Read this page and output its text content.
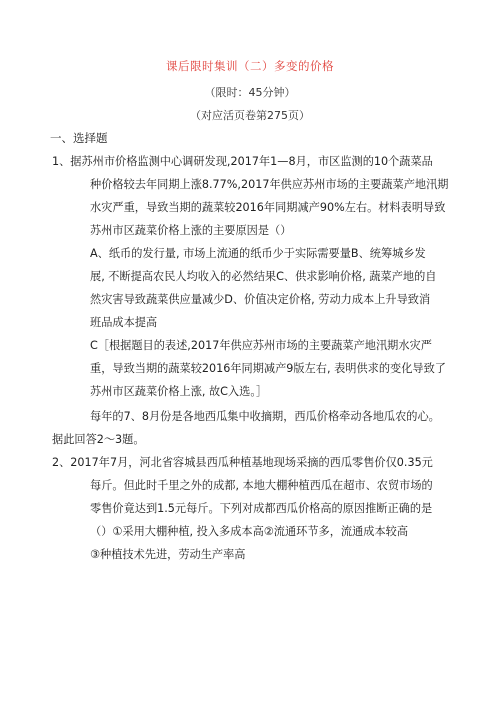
课后限时集训（二）多变的价格
（限时：45分钟）
（对应活页卷第275页）
一、选择题
1、据苏州市价格监测中心调研发现,2017年1—8月，市区监测的10个蔬菜品
种价格较去年同期上涨8.77%,2017年供应苏州市场的主要蔬菜产地汛期
水灾严重，导致当期的蔬菜较2016年同期减产90%左右。材料表明导致
苏州市区蔬菜价格上涨的主要原因是（）
A、纸币的发行量, 市场上流通的纸币少于实际需要量B、统筹城乡发
展, 不断提高农民人均收入的必然结果C、供求影响价格, 蔬菜产地的自
然灾害导致蔬菜供应量减少D、价值决定价格, 劳动力成本上升导致消
班品成本提高
C［根据题目的表述,2017年供应苏州市场的主要蔬菜产地汛期水灾严
重，导致当期的蔬菜较2016年同期减产9版左右, 表明供求的变化导致了
苏州市区蔬菜价格上涨, 故C入选。］
每年的7、8月份是各地西瓜集中收摘期，西瓜价格牵动各地瓜农的心。
据此回答2〜3题。
2、2017年7月，河北省容城县西瓜种植基地现场采摘的西瓜零售价仅0.35元
每斤。但此时千里之外的成都, 本地大棚种植西瓜在超市、农贸市场的
零售价竟达到1.5元每斤。下列对成都西瓜价格高的原因推断正确的是
（）①采用大棚种植, 投入多成本高②流通环节多，流通成本较高
③种植技术先进，劳动生产率高
